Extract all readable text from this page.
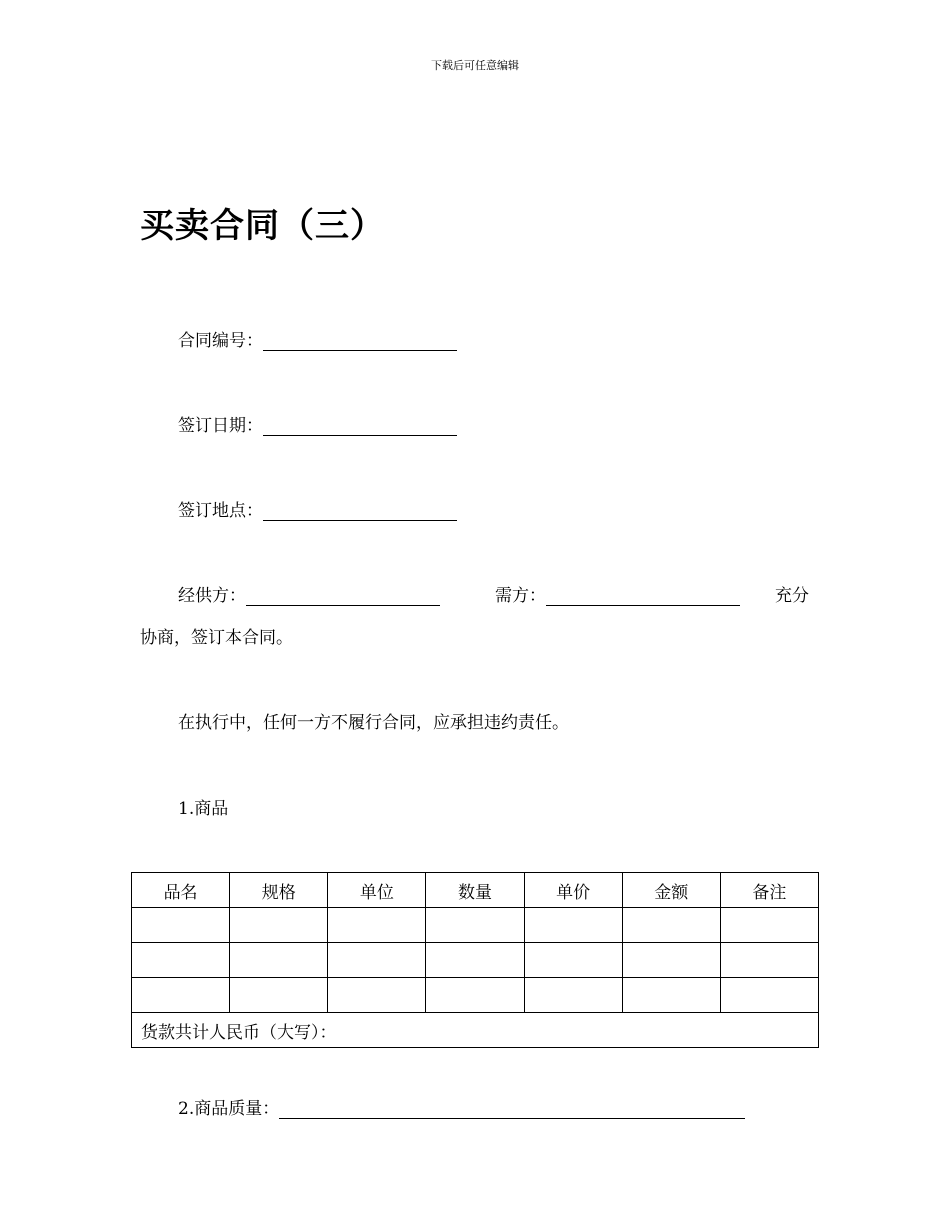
下载后可任意编辑
买卖合同（三）
合同编号：
签订日期：
签订地点：
经供方：	需方：	充分
协商，签订本合同。
在执行中，任何一方不履行合同，应承担违约责任。
1.商品
品名	规格	单位	数量	单价	金额	备注

货款共计人民币（大写）：						
2.商品质量：
